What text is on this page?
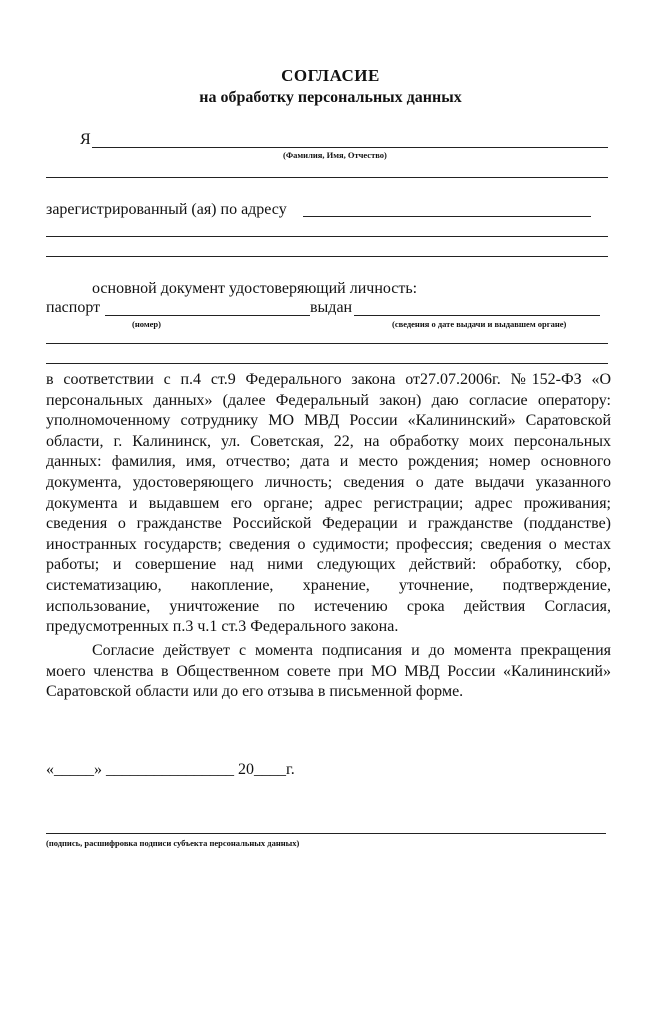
СОГЛАСИЕ
на обработку персональных данных
Я
(Фамилия, Имя, Отчество)
зарегистрированный (ая) по адресу
основной документ удостоверяющий личность:
паспорт	выдан
(номер)	(сведения о дате выдачи и выдавшем органе)
в соответствии с п.4 ст.9 Федерального закона от27.07.2006г. №152-ФЗ «О персональных данных» (далее Федеральный закон) даю согласие оператору: уполномоченному сотруднику МО МВД России «Калининский» Саратовской области, г. Калининск, ул. Советская, 22, на обработку моих персональных данных: фамилия, имя, отчество; дата и место рождения; номер основного документа, удостоверяющего личность; сведения о дате выдачи указанного документа и выдавшем его органе; адрес регистрации; адрес проживания; сведения о гражданстве Российской Федерации и гражданстве (подданстве) иностранных государств; сведения о судимости; профессия; сведения о местах работы; и совершение над ними следующих действий: обработку, сбор, систематизацию, накопление, хранение, уточнение, подтверждение, использование, уничтожение по истечению срока действия Согласия, предусмотренных п.3 ч.1 ст.3 Федерального закона.
Согласие действует с момента подписания и до момента прекращения моего членства в Общественном совете при МО МВД России «Калининский» Саратовской области или до его отзыва в письменной форме.
«_____» ________________ 20____г.
(подпись, расшифровка подписи субъекта персональных данных)
